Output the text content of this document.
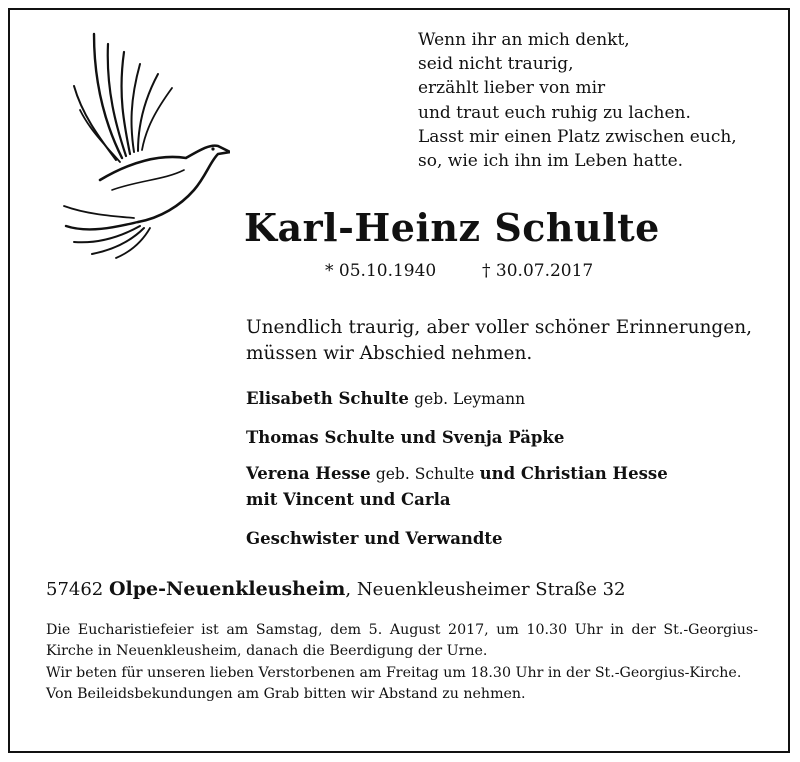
Wenn ihr an mich denkt,
seid nicht traurig,
erzählt lieber von mir
und traut euch ruhig zu lachen.
Lasst mir einen Platz zwischen euch,
so, wie ich ihn im Leben hatte.
Karl-Heinz Schulte
* 05.10.1940	† 30.07.2017
Unendlich traurig, aber voller schöner Erinnerungen, müssen wir Abschied nehmen.
Elisabeth Schulte geb. Leymann
Thomas Schulte und Svenja Päpke
Verena Hesse geb. Schulte und Christian Hesse
mit Vincent und Carla
Geschwister und Verwandte
57462 Olpe-Neuenkleusheim, Neuenkleusheimer Straße 32

Die Eucharistiefeier ist am Samstag, dem 5. August 2017, um 10.30 Uhr in der St.-Georgius-Kirche in Neuenkleusheim, danach die Beerdigung der Urne.

Wir beten für unseren lieben Verstorbenen am Freitag um 18.30 Uhr in der St.-Georgius-Kirche.

Von Beileidsbekundungen am Grab bitten wir Abstand zu nehmen.
